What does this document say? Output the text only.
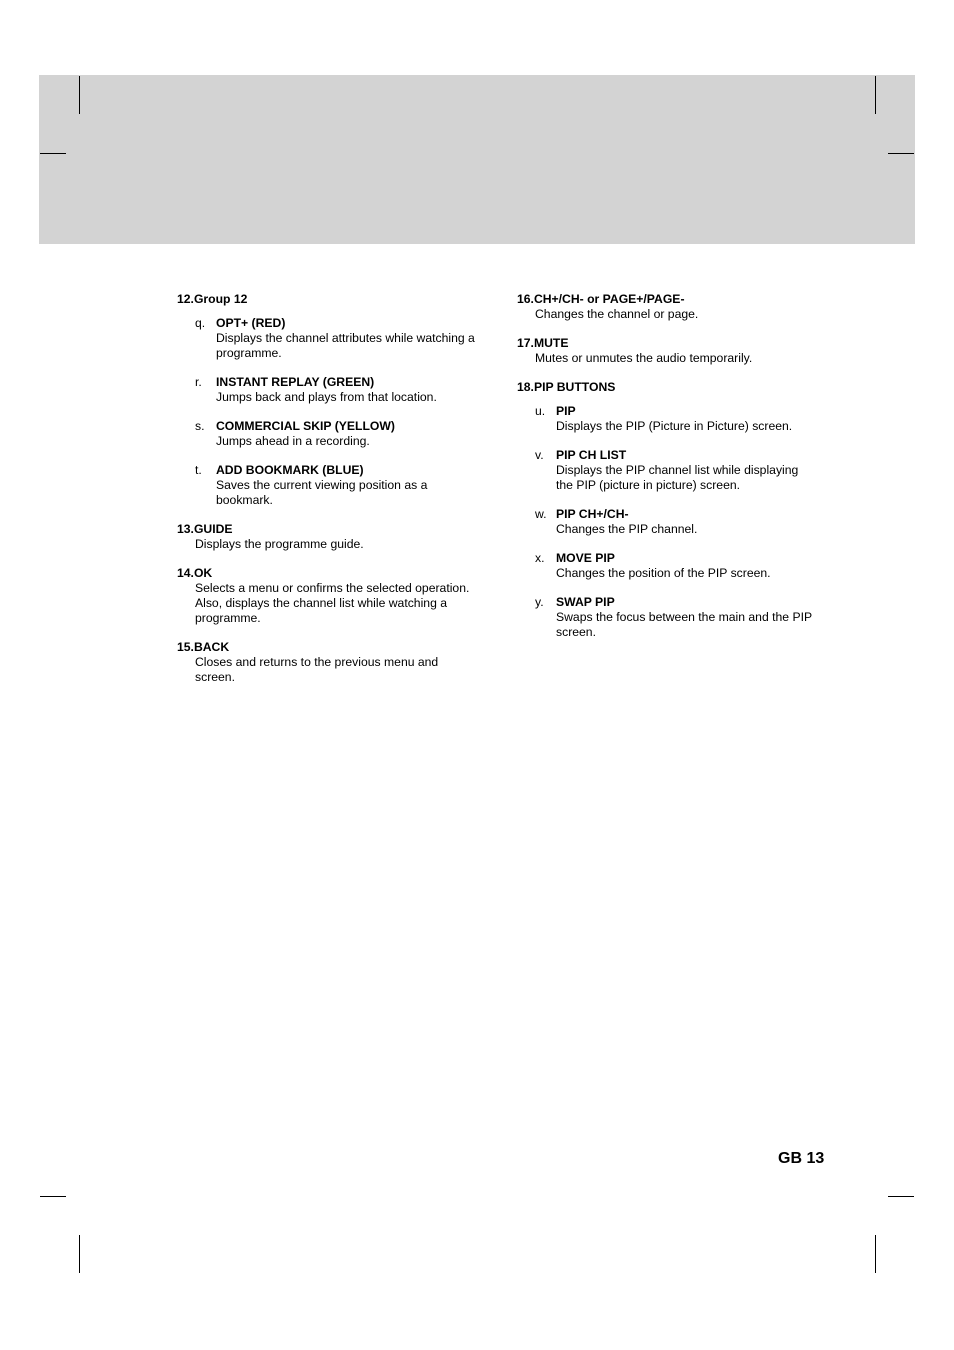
12.Group 12
q. OPT+ (RED)
Displays the channel attributes while watching a programme.
r.	INSTANT REPLAY (GREEN)
Jumps back and plays from that location.
s. COMMERCIAL SKIP (YELLOW)
Jumps ahead in a recording.
t.	ADD BOOKMARK (BLUE)
Saves the current viewing position as a bookmark.
13.GUIDE
Displays the programme guide.
14.OK
Selects a menu or confirms the selected operation. Also, displays the channel list while watching a programme.
15.BACK
Closes and returns to the previous menu and screen.
16.CH+/CH- or PAGE+/PAGE-
Changes the channel or page.
17.MUTE
Mutes or unmutes the audio temporarily.
18.PIP BUTTONS
u. PIP
Displays the PIP (Picture in Picture) screen.
v.	PIP CH LIST
Displays the PIP channel list while displaying the PIP (picture in picture) screen.
w. PIP CH+/CH-
Changes the PIP channel.
x. MOVE PIP
Changes the position of the PIP screen.
y.	SWAP PIP
Swaps the focus between the main and the PIP screen.
GB 13
